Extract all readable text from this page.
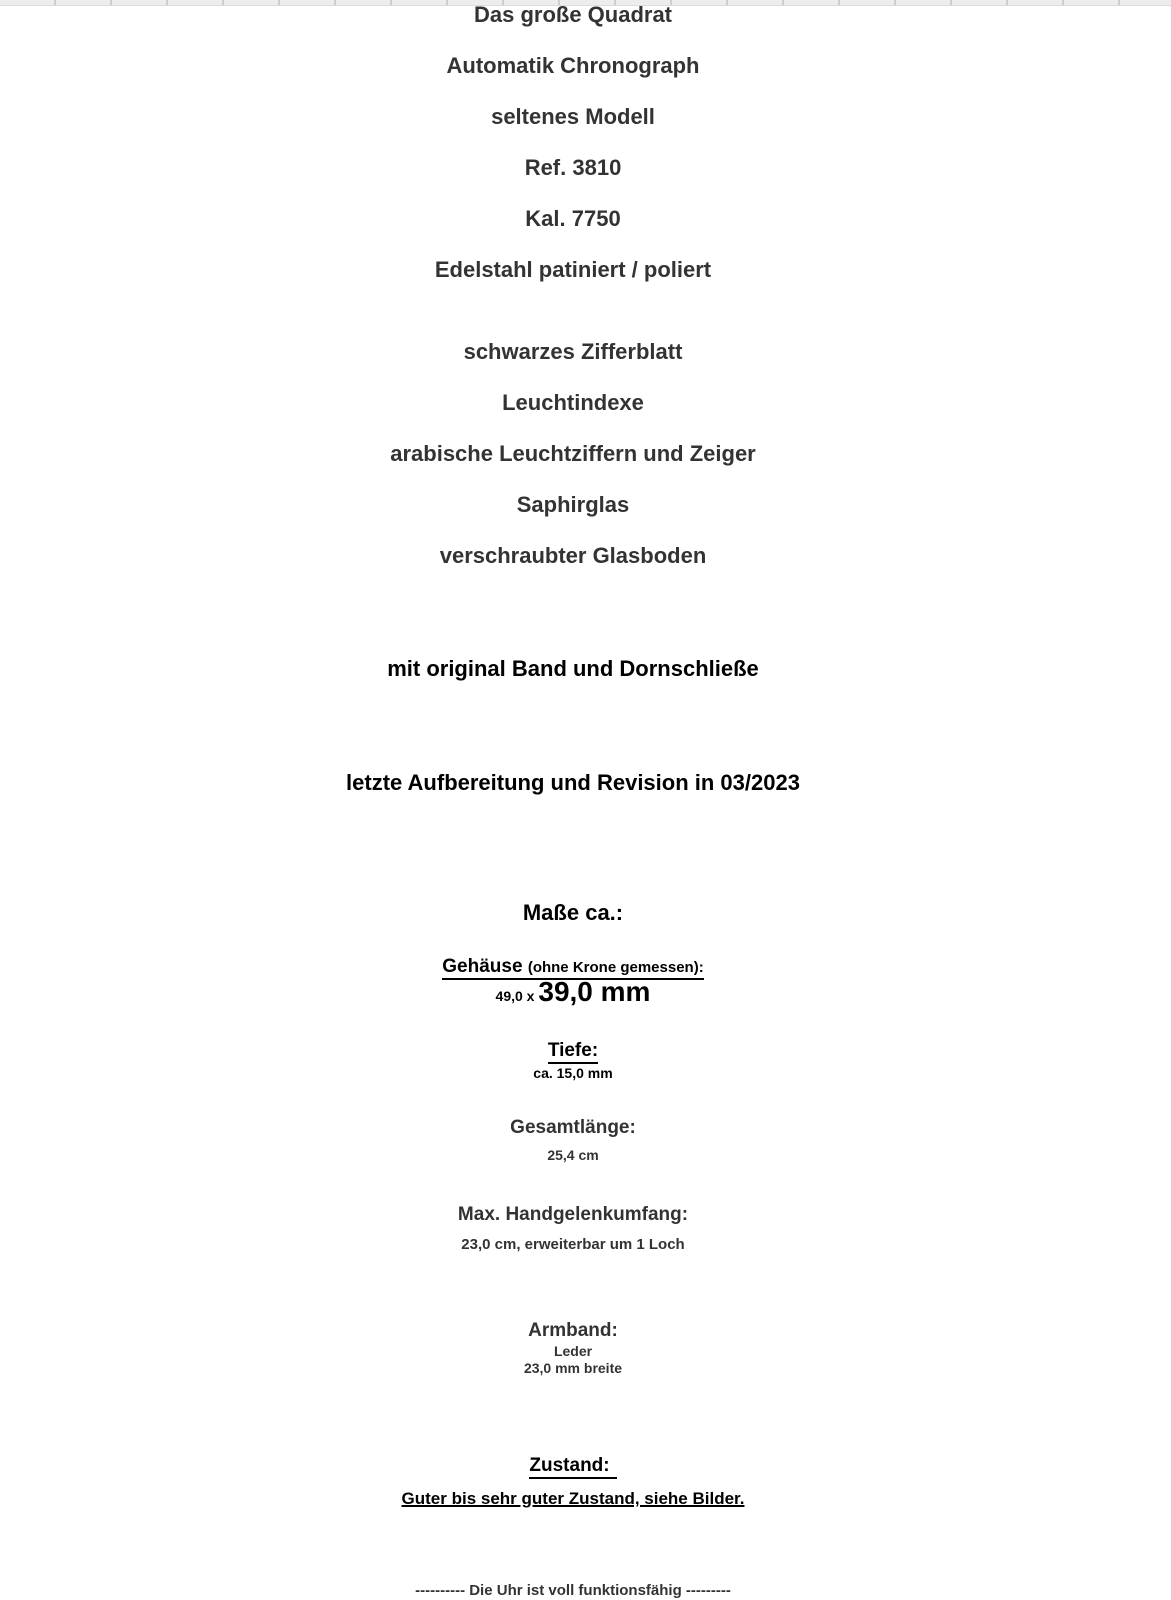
Das große Quadrat

Automatik Chronograph

seltenes Modell

Ref. 3810

Kal. 7750

Edelstahl patiniert / poliert

schwarzes Zifferblatt

Leuchtindexe

arabische Leuchtziffern und Zeiger

Saphirglas

verschraubter Glasboden

mit original Band und Dornschließe

letzte Aufbereitung und Revision in 03/2023

Maße ca.:

Gehäuse (ohne Krone gemessen):

49,0 x 39,0 mm

Tiefe:

ca. 15,0 mm

Gesamtlänge:

25,4 cm

Max. Handgelenkumfang:

23,0 cm, erweiterbar um 1 Loch

Armband:

Leder

23,0 mm breite

Zustand:

Guter bis sehr guter Zustand, siehe Bilder.

---------- Die Uhr ist voll funktionsfähig ---------
